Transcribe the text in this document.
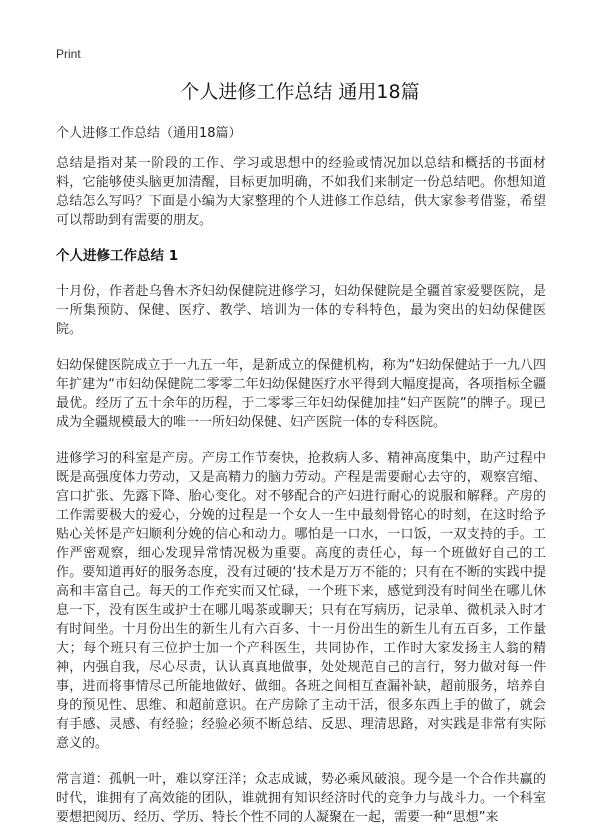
Print
个人进修工作总结 通用18篇

个人进修工作总结（通用18篇）

总结是指对某一阶段的工作、学习或思想中的经验或情况加以总结和概括的书面材料，它能够使头脑更加清醒，目标更加明确，不如我们来制定一份总结吧。你想知道总结怎么写吗？下面是小编为大家整理的个人进修工作总结，供大家参考借鉴，希望可以帮助到有需要的朋友。

个人进修工作总结 1

十月份，作者赴乌鲁木齐妇幼保健院进修学习，妇幼保健院是全疆首家爱婴医院，是一所集预防、保健、医疗、教学、培训为一体的专科特色，最为突出的妇幼保健医院。

妇幼保健医院成立于一九五一年，是新成立的保健机构，称为“妇幼保健站于一九八四年扩建为“市妇幼保健院二零零二年妇幼保健医疗水平得到大幅度提高，各项指标全疆最优。经历了五十余年的历程，于二零零三年妇幼保健加挂“妇产医院”的牌子。现已成为全疆规模最大的唯一一所妇幼保健、妇产医院一体的专科医院。

进修学习的科室是产房。产房工作节奏快，抢救病人多、精神高度集中，助产过程中既是高强度体力劳动，又是高精力的脑力劳动。产程是需要耐心去守的，观察宫缩、宫口扩张、先露下降、胎心变化。对不够配合的产妇进行耐心的说服和解释。产房的工作需要极大的爱心，分娩的过程是一个女人一生中最刻骨铭心的时刻，在这时给予贴心关怀是产妇顺利分娩的信心和动力。哪怕是一口水，一口饭，一双支持的手。工作严密观察，细心发现异常情况极为重要。高度的责任心，每一个班做好自己的工作。要知道再好的服务态度，没有过硬的‘技术是万万不能的；只有在不断的实践中提高和丰富自己。每天的工作充实而又忙碌，一个班下来，感觉到没有时间坐在哪儿休息一下，没有医生或护士在哪儿喝茶或聊天；只有在写病历，记录单、微机录入时才有时间坐。十月份出生的新生儿有六百多、十一月份出生的新生儿有五百多，工作量大；每个班只有三位护士加一个产科医生，共同协作，工作时大家发扬主人翁的精神，内强自我，尽心尽责，认认真真地做事，处处规范自己的言行，努力做对每一件事，进而将事情尽己所能地做好、做细。各班之间相互查漏补缺，超前服务，培养自身的预见性、思维、和超前意识。在产房除了主动干活，很多东西上手的做了，就会有手感、灵感、有经验；经验必须不断总结、反思、理清思路，对实践是非常有实际意义的。

常言道：孤帆一叶，难以穿汪洋；众志成诚，势必乘风破浪。现今是一个合作共赢的时代，谁拥有了高效能的团队，谁就拥有知识经济时代的竞争力与战斗力。一个科室要想把阅历、经历、学历、特长个性不同的人凝聚在一起，需要一种“思想”来
